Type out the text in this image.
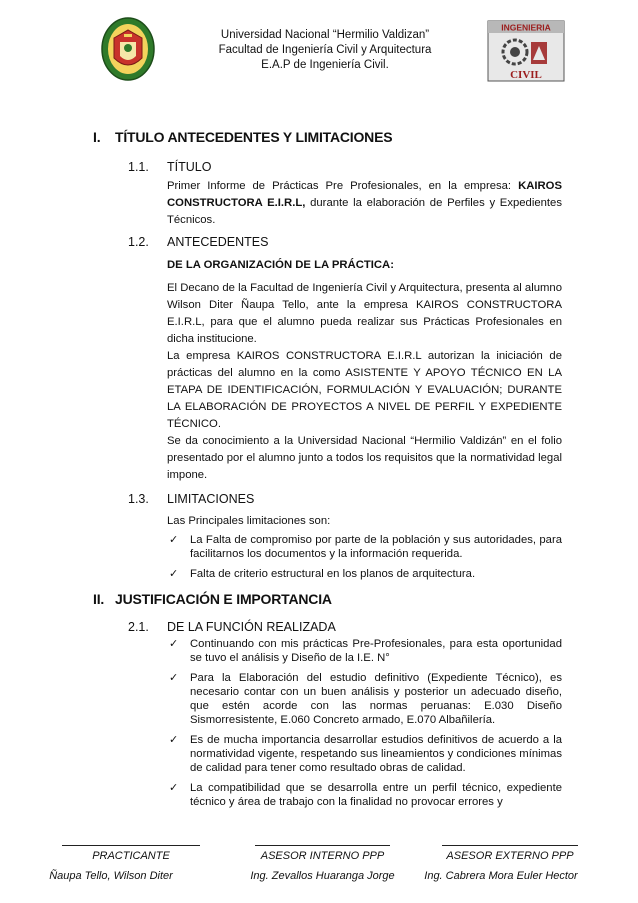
Universidad Nacional “Hermilio Valdizan”
Facultad de Ingeniería Civil y Arquitectura
E.A.P de Ingeniería Civil.
INGENIERIA
CIVIL
I. TÍTULO ANTECEDENTES Y LIMITACIONES
1.1. TÍTULO
Primer Informe de Prácticas Pre Profesionales, en la empresa: KAIROS CONSTRUCTORA E.I.R.L, durante la elaboración de Perfiles y Expedientes Técnicos.
1.2. ANTECEDENTES
DE LA ORGANIZACIÓN DE LA PRÁCTICA:
El Decano de la Facultad de Ingeniería Civil y Arquitectura, presenta al alumno Wilson Diter Ñaupa Tello, ante la empresa KAIROS CONSTRUCTORA E.I.R.L, para que el alumno pueda realizar sus Prácticas Profesionales en dicha institucione.
La empresa KAIROS CONSTRUCTORA E.I.R.L autorizan la iniciación de prácticas del alumno en la como ASISTENTE Y APOYO TÉCNICO EN LA ETAPA DE IDENTIFICACIÓN, FORMULACIÓN Y EVALUACIÓN; DURANTE LA ELABORACIÓN DE PROYECTOS A NIVEL DE PERFIL Y EXPEDIENTE TÉCNICO.
Se da conocimiento a la Universidad Nacional “Hermilio Valdizán” en el folio presentado por el alumno junto a todos los requisitos que la normatividad legal impone.
1.3. LIMITACIONES
Las Principales limitaciones son:
✓ La Falta de compromiso por parte de la población y sus autoridades, para facilitarnos los documentos y la información requerida.
✓ Falta de criterio estructural en los planos de arquitectura.
II. JUSTIFICACIÓN E IMPORTANCIA
2.1. DE LA FUNCIÓN REALIZADA
✓ Continuando con mis prácticas Pre-Profesionales, para esta oportunidad se tuvo el análisis y Diseño de la I.E. N°
✓ Para la Elaboración del estudio definitivo (Expediente Técnico), es necesario contar con un buen análisis y posterior un adecuado diseño, que estén acorde con las normas peruanas: E.030 Diseño Sismorresistente, E.060 Concreto armado, E.070 Albañilería.
✓ Es de mucha importancia desarrollar estudios definitivos de acuerdo a la normatividad vigente, respetando sus lineamientos y condiciones mínimas de calidad para tener como resultado obras de calidad.
✓ La compatibilidad que se desarrolla entre un perfil técnico, expediente técnico y área de trabajo con la finalidad no provocar errores y
PRACTICANTE
Ñaupa Tello, Wilson Diter
ASESOR INTERNO PPP
Ing. Zevallos Huaranga Jorge
ASESOR EXTERNO PPP
Ing. Cabrera Mora Euler Hector
